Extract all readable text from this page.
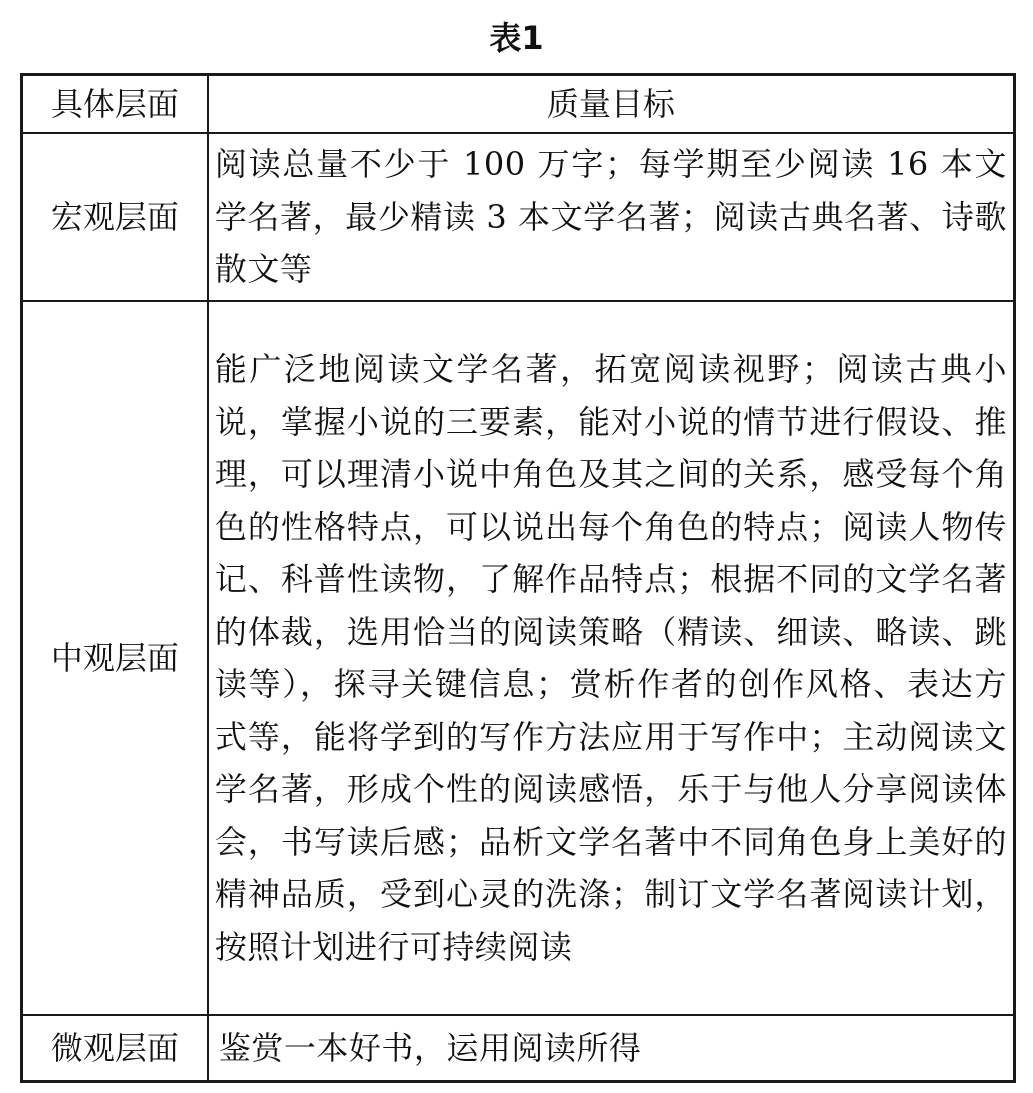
表1
具体层面	质量目标
宏观层面	阅读总量不少于 100 万字；每学期至少阅读 16 本文学名著，最少精读 3 本文学名著；阅读古典名著、诗歌散文等
中观层面	能广泛地阅读文学名著，拓宽阅读视野；阅读古典小说，掌握小说的三要素，能对小说的情节进行假设、推理，可以理清小说中角色及其之间的关系，感受每个角色的性格特点，可以说出每个角色的特点；阅读人物传记、科普性读物，了解作品特点；根据不同的文学名著的体裁，选用恰当的阅读策略（精读、细读、略读、跳读等），探寻关键信息；赏析作者的创作风格、表达方式等，能将学到的写作方法应用于写作中；主动阅读文学名著，形成个性的阅读感悟，乐于与他人分享阅读体会，书写读后感；品析文学名著中不同角色身上美好的精神品质，受到心灵的洗涤；制订文学名著阅读计划，按照计划进行可持续阅读
微观层面	鉴赏一本好书，运用阅读所得
